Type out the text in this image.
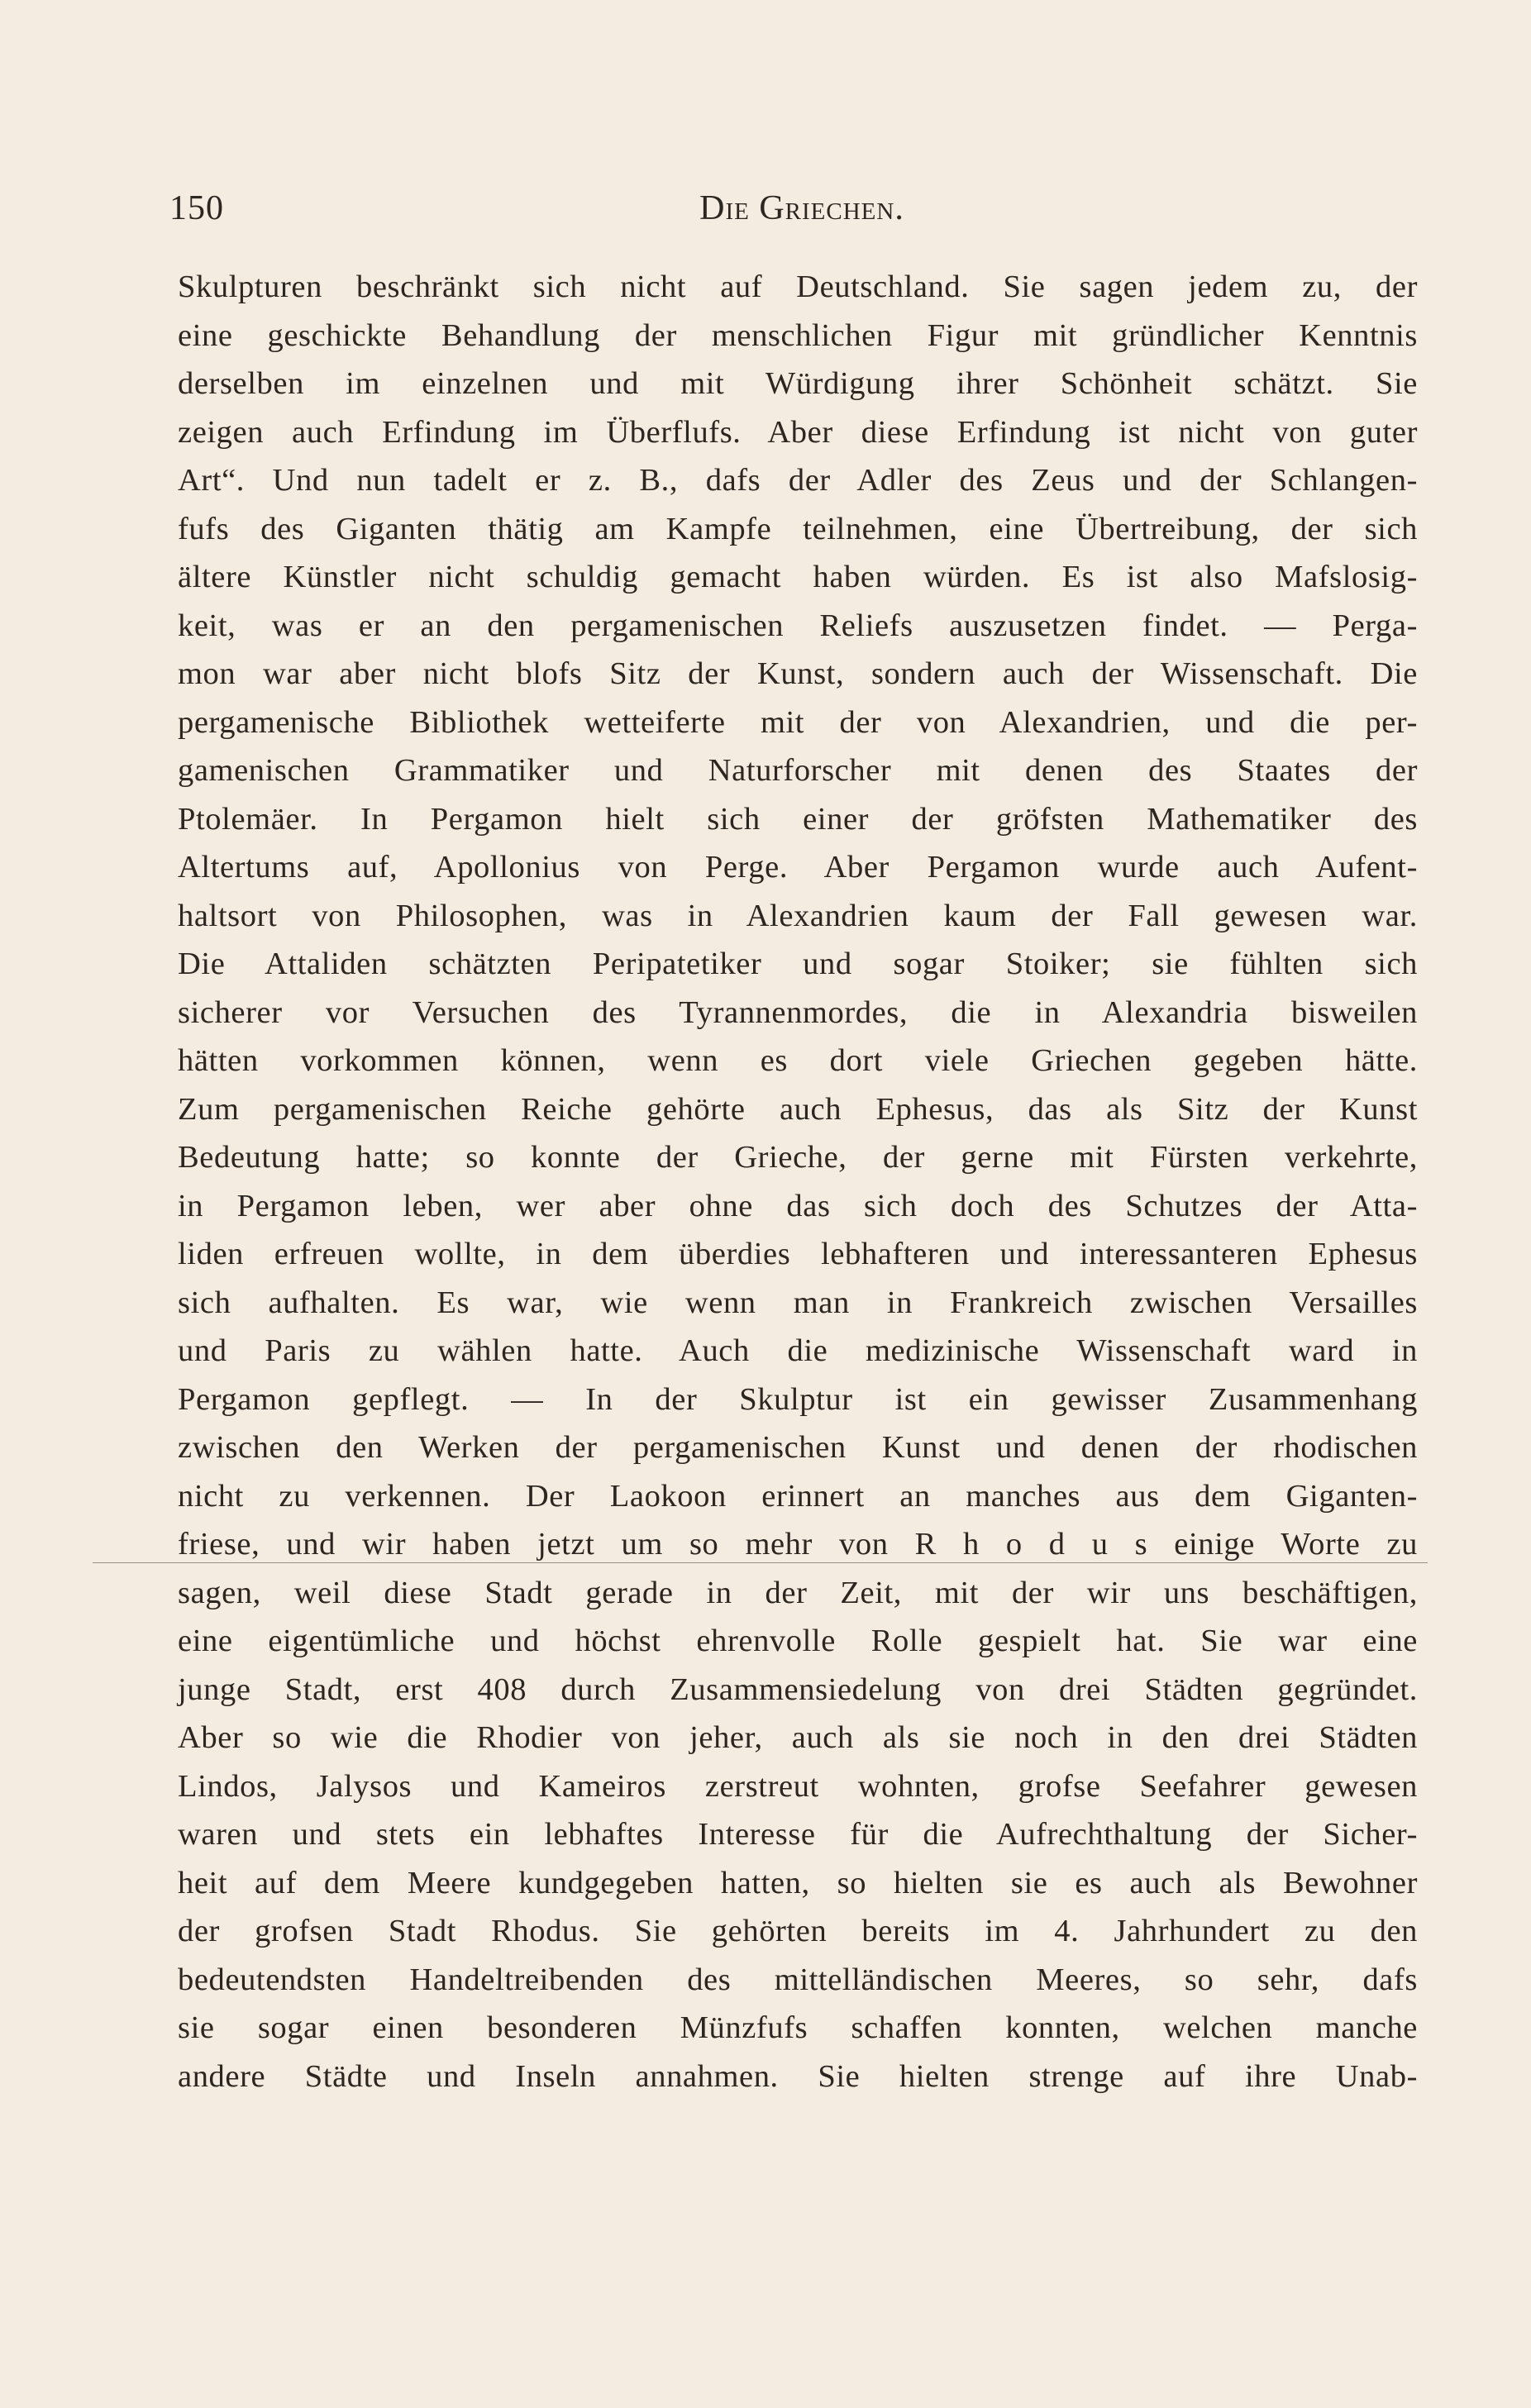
150	Die Griechen.
Skulpturen beschränkt sich nicht auf Deutschland. Sie sagen jedem zu, der
eine geschickte Behandlung der menschlichen Figur mit gründlicher Kenntnis
derselben im einzelnen und mit Würdigung ihrer Schönheit schätzt. Sie
zeigen auch Erfindung im Überflufs. Aber diese Erfindung ist nicht von guter
Art“. Und nun tadelt er z. B., dafs der Adler des Zeus und der Schlangen-
fufs des Giganten thätig am Kampfe teilnehmen, eine Übertreibung, der sich
ältere Künstler nicht schuldig gemacht haben würden. Es ist also Mafslosig-
keit, was er an den pergamenischen Reliefs auszusetzen findet. — Perga-
mon war aber nicht blofs Sitz der Kunst, sondern auch der Wissenschaft. Die
pergamenische Bibliothek wetteiferte mit der von Alexandrien, und die per-
gamenischen Grammatiker und Naturforscher mit denen des Staates der
Ptolemäer. In Pergamon hielt sich einer der gröfsten Mathematiker des
Altertums auf, Apollonius von Perge. Aber Pergamon wurde auch Aufent-
haltsort von Philosophen, was in Alexandrien kaum der Fall gewesen war.
Die Attaliden schätzten Peripatetiker und sogar Stoiker; sie fühlten sich
sicherer vor Versuchen des Tyrannenmordes, die in Alexandria bisweilen
hätten vorkommen können, wenn es dort viele Griechen gegeben hätte.
Zum pergamenischen Reiche gehörte auch Ephesus, das als Sitz der Kunst
Bedeutung hatte; so konnte der Grieche, der gerne mit Fürsten verkehrte,
in Pergamon leben, wer aber ohne das sich doch des Schutzes der Atta-
liden erfreuen wollte, in dem überdies lebhafteren und interessanteren Ephesus
sich aufhalten. Es war, wie wenn man in Frankreich zwischen Versailles
und Paris zu wählen hatte. Auch die medizinische Wissenschaft ward in
Pergamon gepflegt. — In der Skulptur ist ein gewisser Zusammenhang
zwischen den Werken der pergamenischen Kunst und denen der rhodischen
nicht zu verkennen. Der Laokoon erinnert an manches aus dem Giganten-
friese, und wir haben jetzt um so mehr von R h o d u s einige Worte zu
sagen, weil diese Stadt gerade in der Zeit, mit der wir uns beschäftigen,
eine eigentümliche und höchst ehrenvolle Rolle gespielt hat. Sie war eine
junge Stadt, erst 408 durch Zusammensiedelung von drei Städten gegründet.
Aber so wie die Rhodier von jeher, auch als sie noch in den drei Städten
Lindos, Jalysos und Kameiros zerstreut wohnten, grofse Seefahrer gewesen
waren und stets ein lebhaftes Interesse für die Aufrechthaltung der Sicher-
heit auf dem Meere kundgegeben hatten, so hielten sie es auch als Bewohner
der grofsen Stadt Rhodus. Sie gehörten bereits im 4. Jahrhundert zu den
bedeutendsten Handeltreibenden des mittelländischen Meeres, so sehr, dafs
sie sogar einen besonderen Münzfufs schaffen konnten, welchen manche
andere Städte und Inseln annahmen. Sie hielten strenge auf ihre Unab-
